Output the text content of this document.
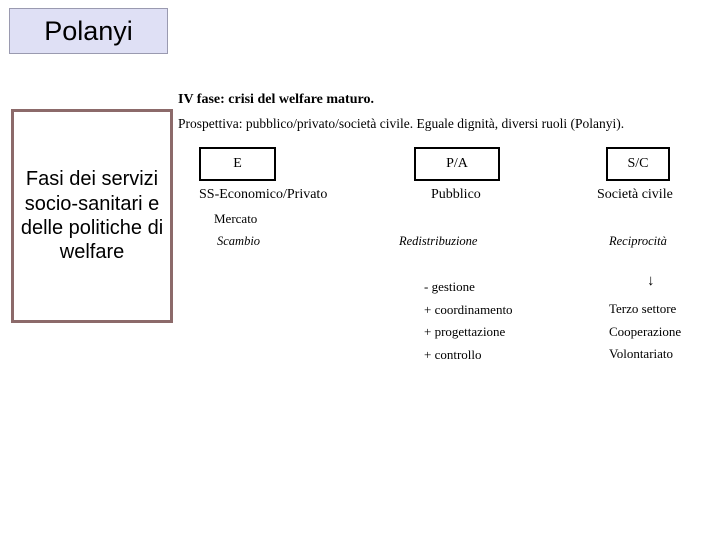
Polanyi
Fasi dei servizi socio-sanitari e delle politiche di welfare
IV fase: crisi del welfare maturo.
Prospettiva: pubblico/privato/società civile. Eguale dignità, diversi ruoli (Polanyi).
E
SS-Economico/Privato
Mercato
Scambio
P/A
Pubblico
Redistribuzione
- gestione
+ coordinamento
+ progettazione
+ controllo
S/C
Società civile
Reciprocità
↓
Terzo settore
Cooperazione
Volontariato
